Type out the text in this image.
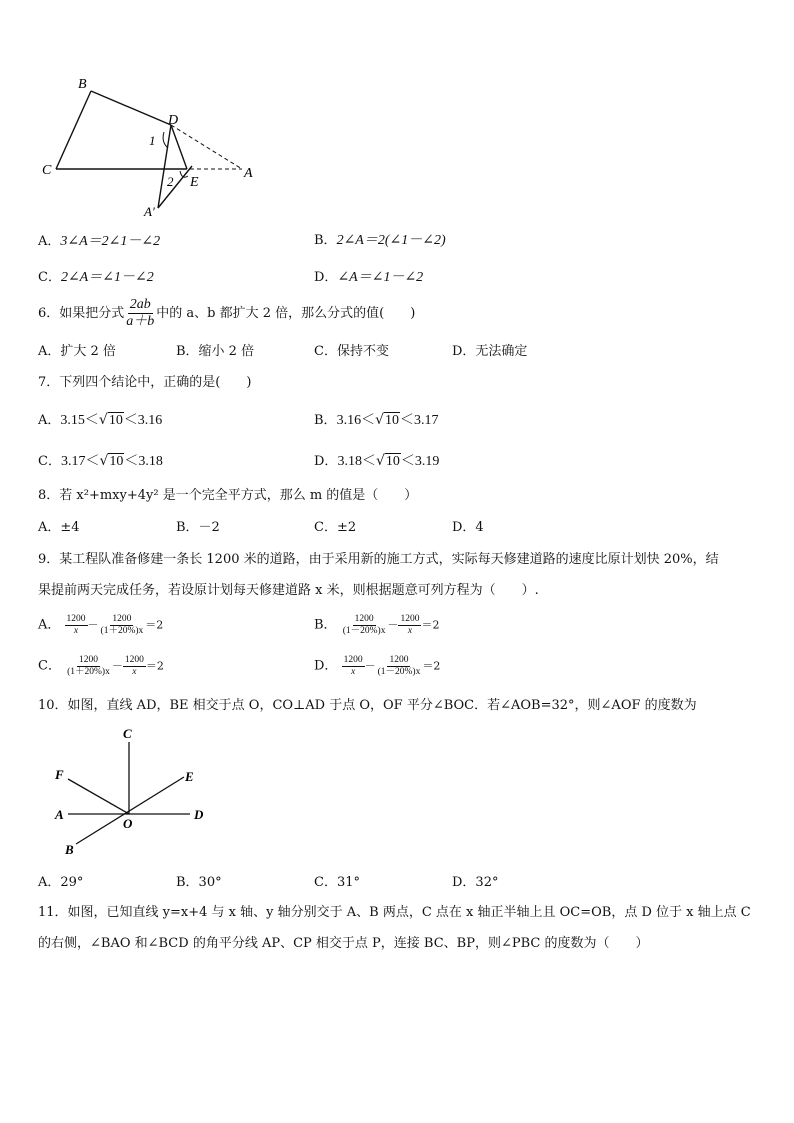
B
D
1
C
2 E
A
A′
A．3∠A＝2∠1－∠2	B．2∠A＝2(∠1－∠2)
C．2∠A＝∠1－∠2	D．∠A＝∠1－∠2
6．如果把分式 $\frac{2ab}{a+b}$ 中的 a、b 都扩大 2 倍，那么分式的值(　　)
A．扩大 2 倍	B．缩小 2 倍	C．保持不变	D．无法确定
7．下列四个结论中，正确的是(　　)
A．3.15＜√10＜3.16	B．3.16＜√10＜3.17
C．3.17＜√10＜3.18	D．3.18＜√10＜3.19
8．若 x²+mxy+4y² 是一个完全平方式，那么 m 的值是（　　）
A．±4	B．－2	C．±2	D．4
9．某工程队准备修建一条长 1200 米的道路，由于采用新的施工方式，实际每天修建道路的速度比原计划快 20%，结
果提前两天完成任务，若设原计划每天修建道路 x 米，则根据题意可列方程为（　　）.
A． $\frac{1200}{x} - \frac{1200}{(1+20\%)x} =2$	B． $\frac{1200}{(1-20\%)x} - \frac{1200}{x} =2$
C． $\frac{1200}{(1+20\%)x} - \frac{1200}{x} =2$	D． $\frac{1200}{x} - \frac{1200}{(1-20\%)x} =2$
10．如图，直线 AD，BE 相交于点 O，CO⊥AD 于点 O，OF 平分∠BOC．若∠AOB=32°，则∠AOF 的度数为
C
F	E
A
O
D
B
A．29°	B．30°	C．31°	D．32°
11．如图，已知直线 y=x+4 与 x 轴、y 轴分别交于 A、B 两点，C 点在 x 轴正半轴上且 OC=OB，点 D 位于 x 轴上点 C
的右侧，∠BAO 和∠BCD 的角平分线 AP、CP 相交于点 P，连接 BC、BP，则∠PBC 的度数为（　　）
